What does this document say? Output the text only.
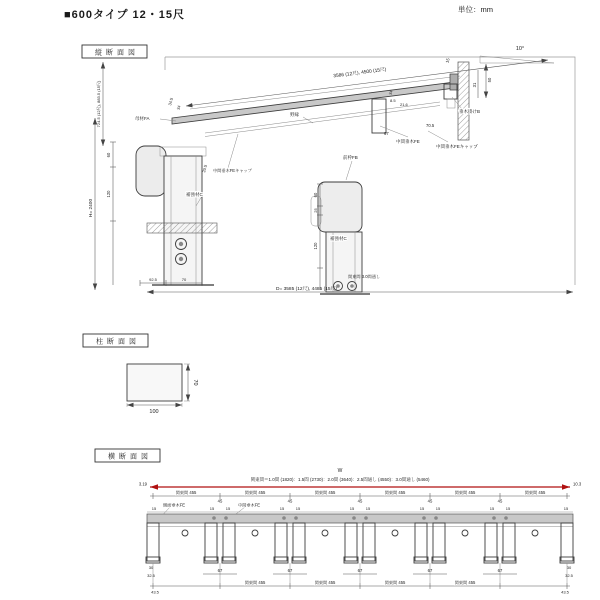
■600タイプ 12・15尺	単位：mm
縦断面図
10°
3586 (12尺), 4500 (15尺)
15
50
31
8.5
21.6
70.5
67
34
垂木掛けB
中間垂木FE
中間垂木FEキャップ
野縁
母材FA
34.5
34
20.5 中間垂木FEキャップ
補強材C
前枠FB
補強材C
60
25
120
H= 2400
724.5 (12尺), 883.5 (15尺)
60
120
92.5	70
D= 3585 (12尺), 4485 (15尺)
関東間 3.0間通し
柱断面図
100
70
横断面図
W
関東間＝1.0間 (1820)：1.5間 (2730)：2.0間 (3640)：2.5間通し (4550)：3.0間通し (5460)
3.19	10.3
関東間 455	関東間 455	関東間 455	関東間 455	関東間 455	関東間 455
45	45	45	45	45
15	15	15	15	15	15	15	15	15	15	15	15
側面垂木FE	中間垂木FE
67	67	67	67	67
30
32.5
30
32.5
関東間 455	関東間 455	関東間 455	関東間 455
43.5	43.5
